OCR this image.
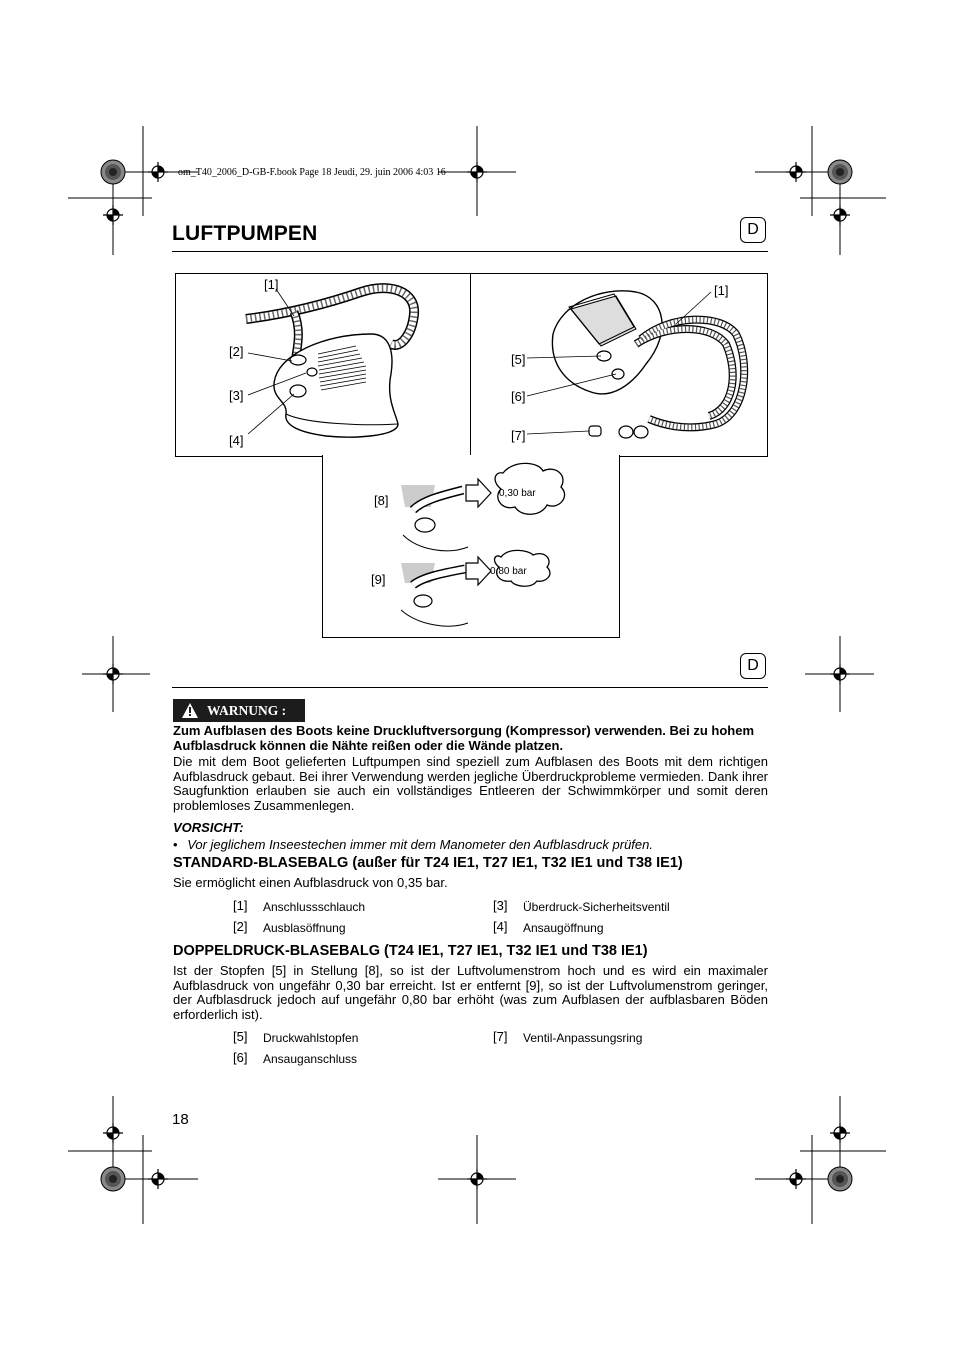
om_T40_2006_D-GB-F.book Page 18 Jeudi, 29. juin 2006 4:03 16
LUFTPUMPEN	D
[1]
[2]
[3]
[4]
[1]
[5]
[6]
[7]
[8]
[9]
0,30 bar
0,80 bar
D
WARNUNG :
Zum Aufblasen des Boots keine Druckluftversorgung (Kompressor) verwenden. Bei zu hohem Aufblasdruck können die Nähte reißen oder die Wände platzen.
Die mit dem Boot gelieferten Luftpumpen sind speziell zum Aufblasen des Boots mit dem richtigen Aufblasdruck gebaut. Bei ihrer Verwendung werden jegliche Überdruckprobleme vermieden. Dank ihrer Saugfunktion erlauben sie auch ein vollständiges Entleeren der Schwimmkörper und somit deren problemloses Zusammenlegen.
VORSICHT:
• Vor jeglichem Inseestechen immer mit dem Manometer den Aufblasdruck prüfen.
STANDARD-BLASEBALG (außer für T24 IE1, T27 IE1, T32 IE1 und T38 IE1)
Sie ermöglicht einen Aufblasdruck von 0,35 bar.
[1] Anschlussschlauch	[3] Überdruck-Sicherheitsventil
[2] Ausblasöffnung	[4] Ansaugöffnung
DOPPELDRUCK-BLASEBALG (T24 IE1, T27 IE1, T32 IE1 und T38 IE1)
Ist der Stopfen [5] in Stellung [8], so ist der Luftvolumenstrom hoch und es wird ein maximaler Aufblasdruck von ungefähr 0,30 bar erreicht. Ist er entfernt [9], so ist der Luftvolumenstrom geringer, der Aufblasdruck jedoch auf ungefähr 0,80 bar erhöht (was zum Aufblasen der aufblasbaren Böden erforderlich ist).
[5] Druckwahlstopfen	[7] Ventil-Anpassungsring
[6] Ansauganschluss
18
